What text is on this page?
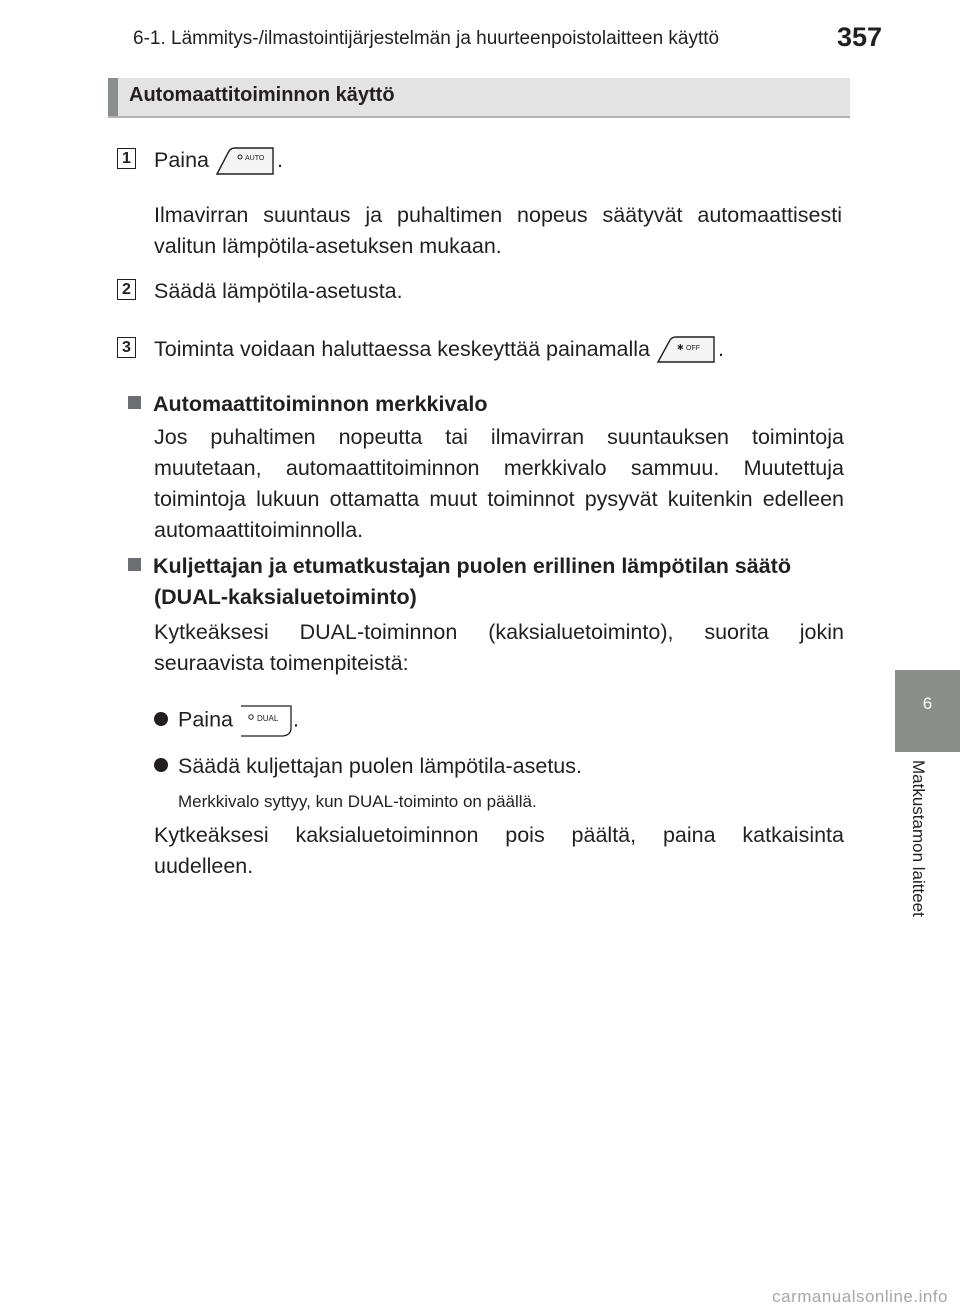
6-1. Lämmitys-/ilmastointijärjestelmän ja huurteenpoistolaitteen käyttö	357
Automaattitoiminnon käyttö
1 Paina	AUTO .
Ilmavirran suuntaus ja puhaltimen nopeus säätyvät automaattisesti valitun lämpötila-asetuksen mukaan.
2 Säädä lämpötila-asetusta.
3 Toiminta voidaan haluttaessa keskeyttää painamalla	✱ OFF .
Automaattitoiminnon merkkivalo
Jos puhaltimen nopeutta tai ilmavirran suuntauksen toimintoja muutetaan, automaattitoiminnon merkkivalo sammuu. Muutettuja toimintoja lukuun ottamatta muut toiminnot pysyvät kuitenkin edelleen automaattitoiminnolla.
Kuljettajan ja etumatkustajan puolen erillinen lämpötilan säätö (DUAL-kaksialuetoiminto)
Kytkeäksesi DUAL-toiminnon (kaksialuetoiminto), suorita jokin seuraavista toimenpiteistä:
Paina	DUAL .
Säädä kuljettajan puolen lämpötila-asetus.
Merkkivalo syttyy, kun DUAL-toiminto on päällä.
Kytkeäksesi kaksialuetoiminnon pois päältä, paina katkaisinta uudelleen.
6
Matkustamon laitteet
carmanualsonline.info
